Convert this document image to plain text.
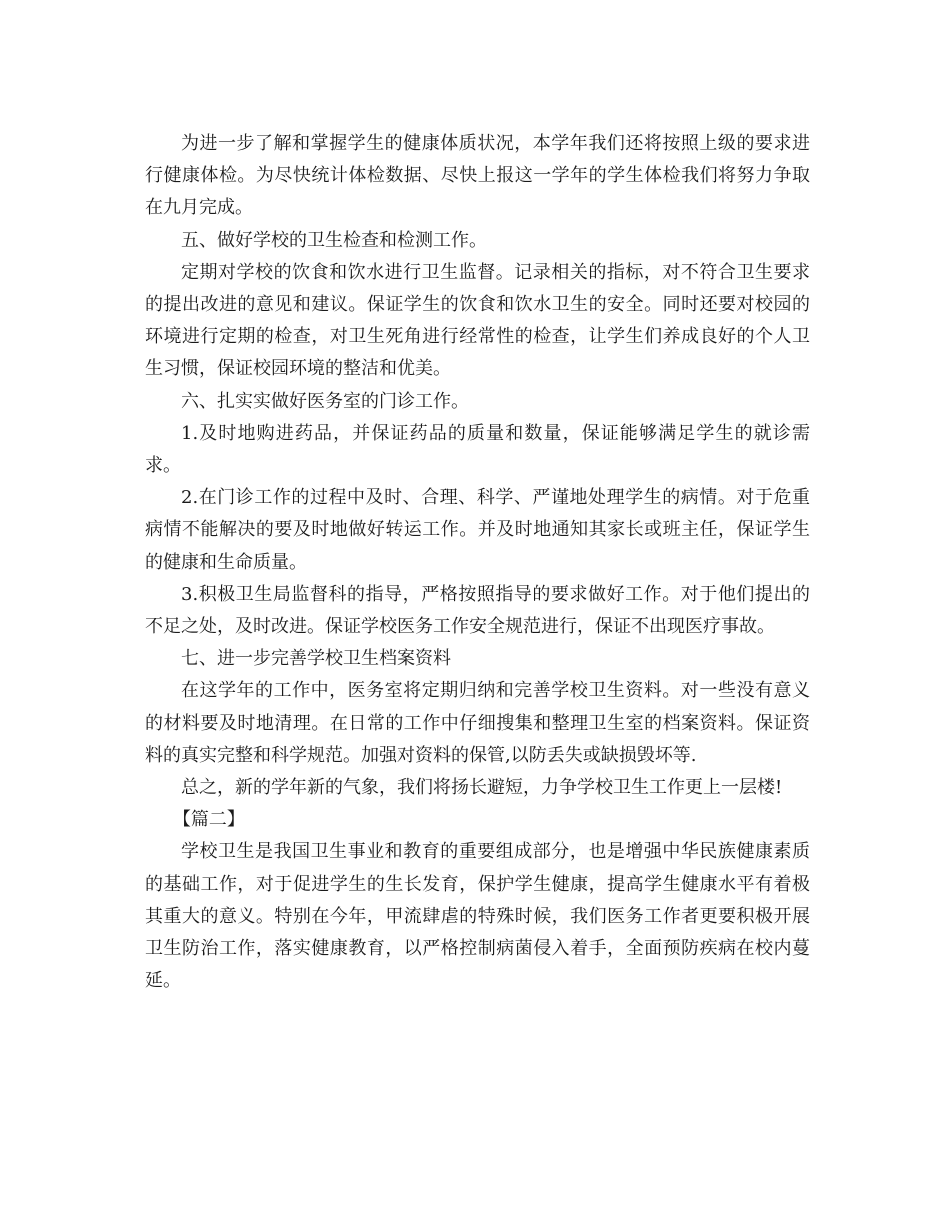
为进一步了解和掌握学生的健康体质状况，本学年我们还将按照上级的要求进行健康体检。为尽快统计体检数据、尽快上报这一学年的学生体检我们将努力争取在九月完成。

五、做好学校的卫生检查和检测工作。

定期对学校的饮食和饮水进行卫生监督。记录相关的指标，对不符合卫生要求的提出改进的意见和建议。保证学生的饮食和饮水卫生的安全。同时还要对校园的环境进行定期的检查，对卫生死角进行经常性的检查，让学生们养成良好的个人卫生习惯，保证校园环境的整洁和优美。

六、扎实实做好医务室的门诊工作。

1.及时地购进药品，并保证药品的质量和数量，保证能够满足学生的就诊需求。

2.在门诊工作的过程中及时、合理、科学、严谨地处理学生的病情。对于危重病情不能解决的要及时地做好转运工作。并及时地通知其家长或班主任，保证学生的健康和生命质量。

3.积极卫生局监督科的指导，严格按照指导的要求做好工作。对于他们提出的不足之处，及时改进。保证学校医务工作安全规范进行，保证不出现医疗事故。

七、进一步完善学校卫生档案资料

在这学年的工作中，医务室将定期归纳和完善学校卫生资料。对一些没有意义的材料要及时地清理。在日常的工作中仔细搜集和整理卫生室的档案资料。保证资料的真实完整和科学规范。加强对资料的保管,以防丢失或缺损毁坏等.

总之，新的学年新的气象，我们将扬长避短，力争学校卫生工作更上一层楼!

【篇二】

学校卫生是我国卫生事业和教育的重要组成部分，也是增强中华民族健康素质的基础工作，对于促进学生的生长发育，保护学生健康，提高学生健康水平有着极其重大的意义。特别在今年，甲流肆虐的特殊时候，我们医务工作者更要积极开展卫生防治工作，落实健康教育，以严格控制病菌侵入着手，全面预防疾病在校内蔓延。
